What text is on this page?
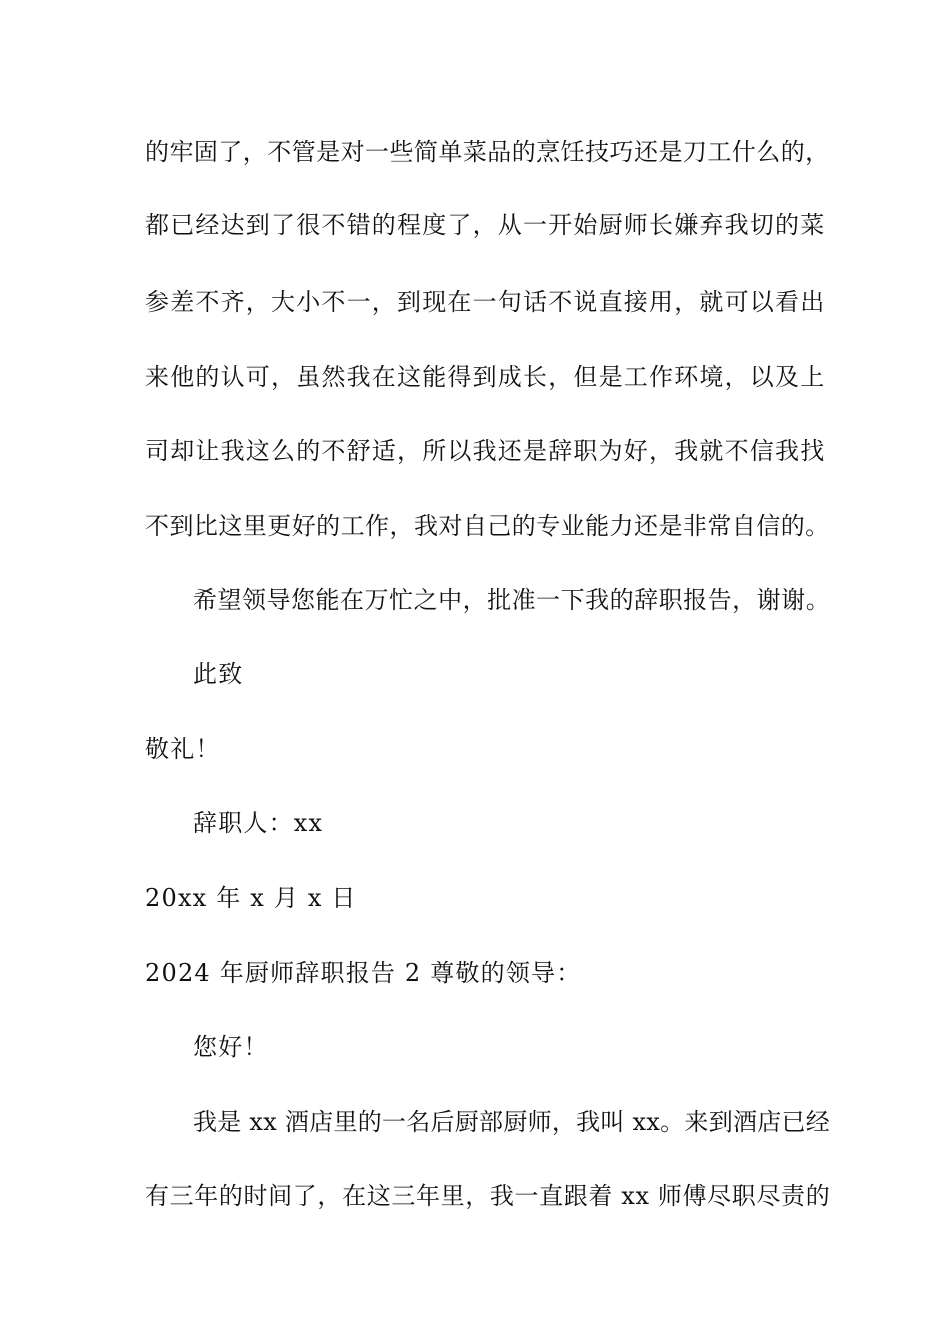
的牢固了，不管是对一些简单菜品的烹饪技巧还是刀工什么的，

都已经达到了很不错的程度了，从一开始厨师长嫌弃我切的菜

参差不齐，大小不一，到现在一句话不说直接用，就可以看出

来他的认可，虽然我在这能得到成长，但是工作环境，以及上

司却让我这么的不舒适，所以我还是辞职为好，我就不信我找

不到比这里更好的工作，我对自己的专业能力还是非常自信的。

希望领导您能在万忙之中，批准一下我的辞职报告，谢谢。

此致

敬礼！

辞职人：xx

20xx 年 x 月 x 日

2024 年厨师辞职报告 2 尊敬的领导：

您好！

我是 xx 酒店里的一名后厨部厨师，我叫 xx。来到酒店已经

有三年的时间了，在这三年里，我一直跟着 xx 师傅尽职尽责的
